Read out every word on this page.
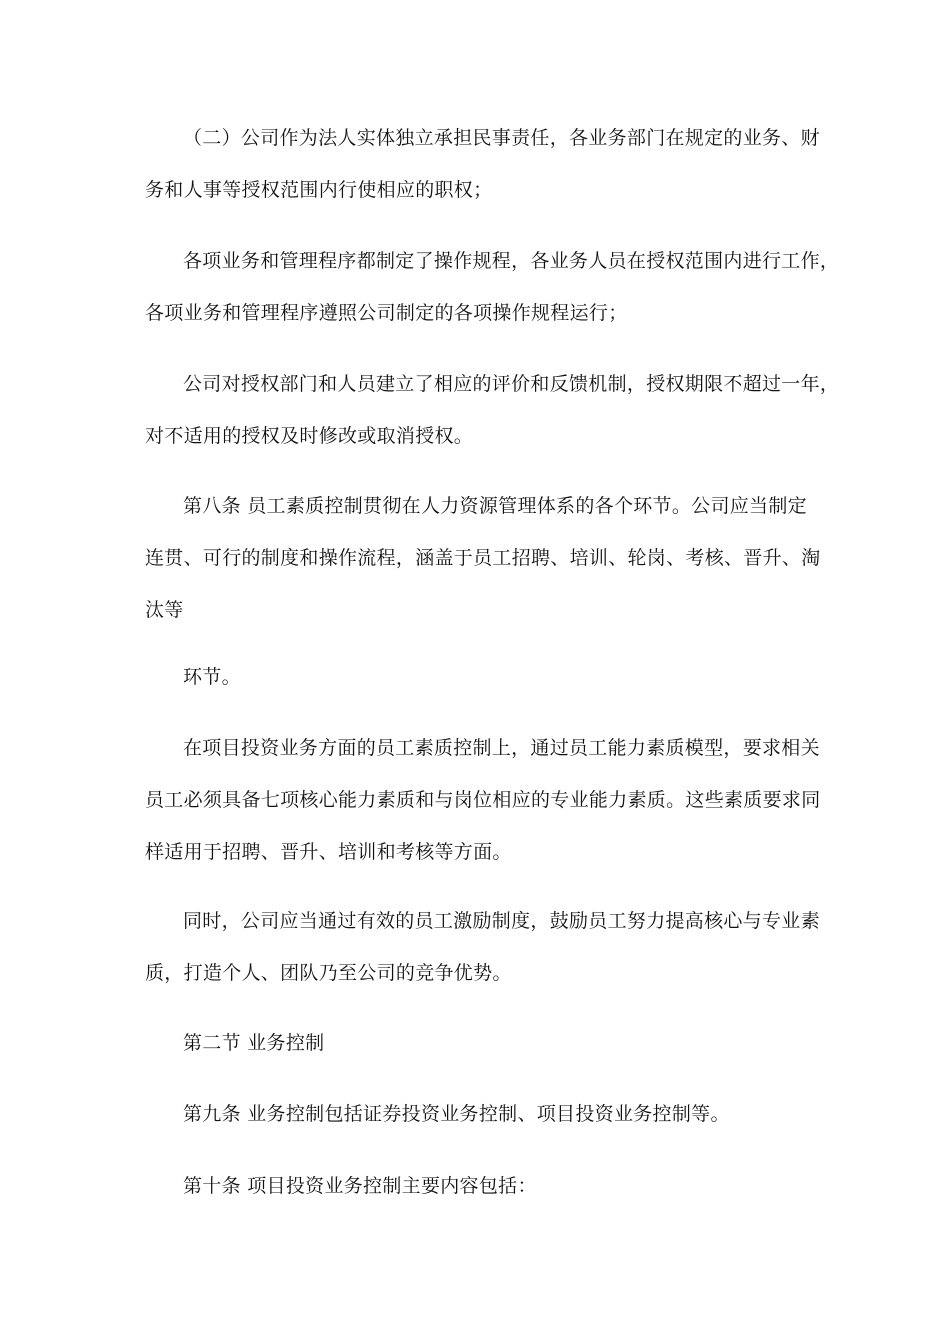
（二）公司作为法人实体独立承担民事责任，各业务部门在规定的业务、财
务和人事等授权范围内行使相应的职权；
各项业务和管理程序都制定了操作规程，各业务人员在授权范围内进行工作，
各项业务和管理程序遵照公司制定的各项操作规程运行；
公司对授权部门和人员建立了相应的评价和反馈机制，授权期限不超过一年，
对不适用的授权及时修改或取消授权。
第八条 员工素质控制贯彻在人力资源管理体系的各个环节。公司应当制定
连贯、可行的制度和操作流程，涵盖于员工招聘、培训、轮岗、考核、晋升、淘
汰等
环节。
在项目投资业务方面的员工素质控制上，通过员工能力素质模型，要求相关
员工必须具备七项核心能力素质和与岗位相应的专业能力素质。这些素质要求同
样适用于招聘、晋升、培训和考核等方面。
同时，公司应当通过有效的员工激励制度，鼓励员工努力提高核心与专业素
质，打造个人、团队乃至公司的竞争优势。
第二节 业务控制
第九条 业务控制包括证券投资业务控制、项目投资业务控制等。
第十条 项目投资业务控制主要内容包括：
